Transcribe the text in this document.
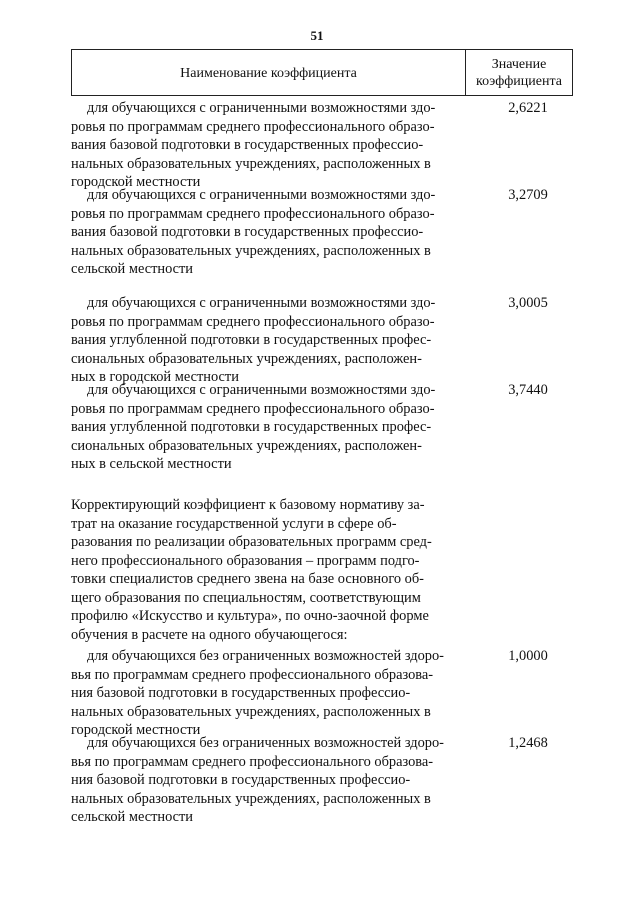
51
Наименование коэффициента
Значение
коэффициента
для обучающихся с ограниченными возможностями здо-
ровья по программам среднего профессионального образо-
вания базовой подготовки в государственных профессио-
нальных образовательных учреждениях, расположенных в
городской местности
2,6221
для обучающихся с ограниченными возможностями здо-
ровья по программам среднего профессионального образо-
вания базовой подготовки в государственных профессио-
нальных образовательных учреждениях, расположенных в
сельской местности
3,2709
для обучающихся с ограниченными возможностями здо-
ровья по программам среднего профессионального образо-
вания углубленной подготовки в государственных профес-
сиональных образовательных учреждениях, расположен-
ных в городской местности
3,0005
для обучающихся с ограниченными возможностями здо-
ровья по программам среднего профессионального образо-
вания углубленной подготовки в государственных профес-
сиональных образовательных учреждениях, расположен-
ных в сельской местности
3,7440
Корректирующий коэффициент к базовому нормативу за-
трат на оказание государственной услуги в сфере об-
разования по реализации образовательных программ сред-
него профессионального образования – программ подго-
товки специалистов среднего звена на базе основного об-
щего образования по специальностям, соответствующим
профилю «Искусство и культура», по очно-заочной форме
обучения в расчете на одного обучающегося:
для обучающихся без ограниченных возможностей здоро-
вья по программам среднего профессионального образова-
ния базовой подготовки в государственных профессио-
нальных образовательных учреждениях, расположенных в
городской местности
1,0000
для обучающихся без ограниченных возможностей здоро-
вья по программам среднего профессионального образова-
ния базовой подготовки в государственных профессио-
нальных образовательных учреждениях, расположенных в
сельской местности
1,2468
